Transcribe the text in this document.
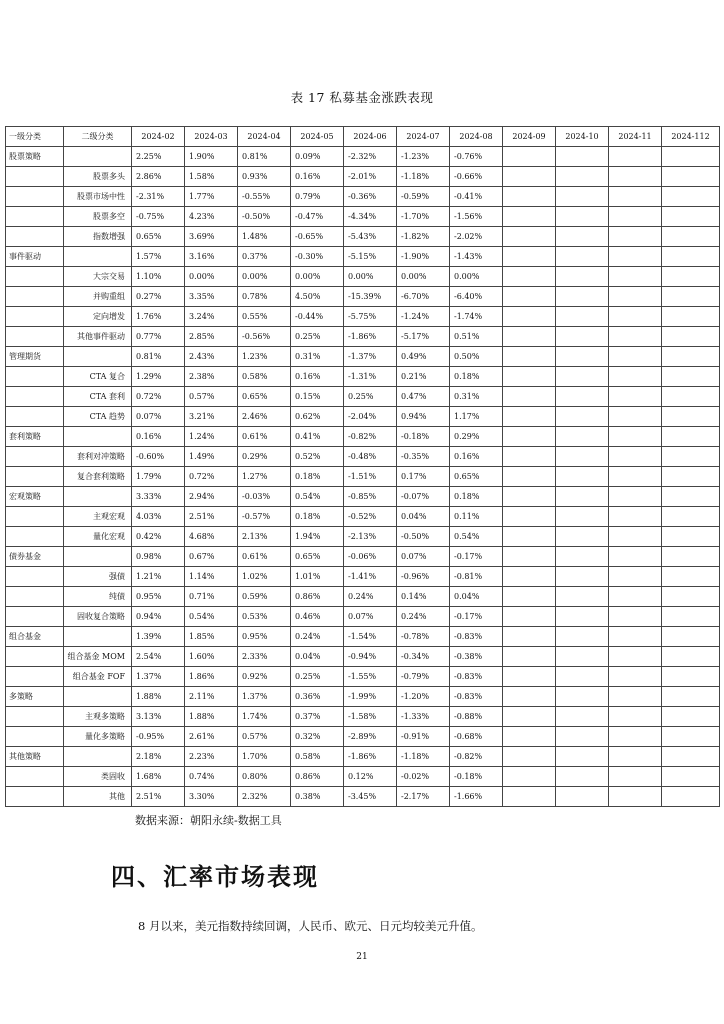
表 17 私募基金涨跌表现
一级分类	二级分类	2024-02	2024-03	2024-04	2024-05	2024-06	2024-07	2024-08	2024-09	2024-10	2024-11	2024-112
股票策略		2.25%	1.90%	0.81%	0.09%	-2.32%	-1.23%	-0.76%				
	股票多头	2.86%	1.58%	0.93%	0.16%	-2.01%	-1.18%	-0.66%				
	股票市场中性	-2.31%	1.77%	-0.55%	0.79%	-0.36%	-0.59%	-0.41%				
	股票多空	-0.75%	4.23%	-0.50%	-0.47%	-4.34%	-1.70%	-1.56%				
	指数增强	0.65%	3.69%	1.48%	-0.65%	-5.43%	-1.82%	-2.02%				
事件驱动		1.57%	3.16%	0.37%	-0.30%	-5.15%	-1.90%	-1.43%				
	大宗交易	1.10%	0.00%	0.00%	0.00%	0.00%	0.00%	0.00%				
	并购重组	0.27%	3.35%	0.78%	4.50%	-15.39%	-6.70%	-6.40%				
	定向增发	1.76%	3.24%	0.55%	-0.44%	-5.75%	-1.24%	-1.74%				
	其他事件驱动	0.77%	2.85%	-0.56%	0.25%	-1.86%	-5.17%	0.51%				
管理期货		0.81%	2.43%	1.23%	0.31%	-1.37%	0.49%	0.50%				
	CTA 复合	1.29%	2.38%	0.58%	0.16%	-1.31%	0.21%	0.18%				
	CTA 套利	0.72%	0.57%	0.65%	0.15%	0.25%	0.47%	0.31%				
	CTA 趋势	0.07%	3.21%	2.46%	0.62%	-2.04%	0.94%	1.17%				
套利策略		0.16%	1.24%	0.61%	0.41%	-0.82%	-0.18%	0.29%				
	套利对冲策略	-0.60%	1.49%	0.29%	0.52%	-0.48%	-0.35%	0.16%				
	复合套利策略	1.79%	0.72%	1.27%	0.18%	-1.51%	0.17%	0.65%				
宏观策略		3.33%	2.94%	-0.03%	0.54%	-0.85%	-0.07%	0.18%				
	主观宏观	4.03%	2.51%	-0.57%	0.18%	-0.52%	0.04%	0.11%				
	量化宏观	0.42%	4.68%	2.13%	1.94%	-2.13%	-0.50%	0.54%				
债券基金		0.98%	0.67%	0.61%	0.65%	-0.06%	0.07%	-0.17%				
	强债	1.21%	1.14%	1.02%	1.01%	-1.41%	-0.96%	-0.81%				
	纯债	0.95%	0.71%	0.59%	0.86%	0.24%	0.14%	0.04%				
	固收复合策略	0.94%	0.54%	0.53%	0.46%	0.07%	0.24%	-0.17%				
组合基金		1.39%	1.85%	0.95%	0.24%	-1.54%	-0.78%	-0.83%				
	组合基金 MOM	2.54%	1.60%	2.33%	0.04%	-0.94%	-0.34%	-0.38%				
	组合基金 FOF	1.37%	1.86%	0.92%	0.25%	-1.55%	-0.79%	-0.83%				
多策略		1.88%	2.11%	1.37%	0.36%	-1.99%	-1.20%	-0.83%				
	主观多策略	3.13%	1.88%	1.74%	0.37%	-1.58%	-1.33%	-0.88%				
	量化多策略	-0.95%	2.61%	0.57%	0.32%	-2.89%	-0.91%	-0.68%				
其他策略		2.18%	2.23%	1.70%	0.58%	-1.86%	-1.18%	-0.82%				
	类固收	1.68%	0.74%	0.80%	0.86%	0.12%	-0.02%	-0.18%				
	其他	2.51%	3.30%	2.32%	0.38%	-3.45%	-2.17%	-1.66%				
数据来源：朝阳永续-数据工具
四、汇率市场表现
8 月以来，美元指数持续回调，人民币、欧元、日元均较美元升值。
21
